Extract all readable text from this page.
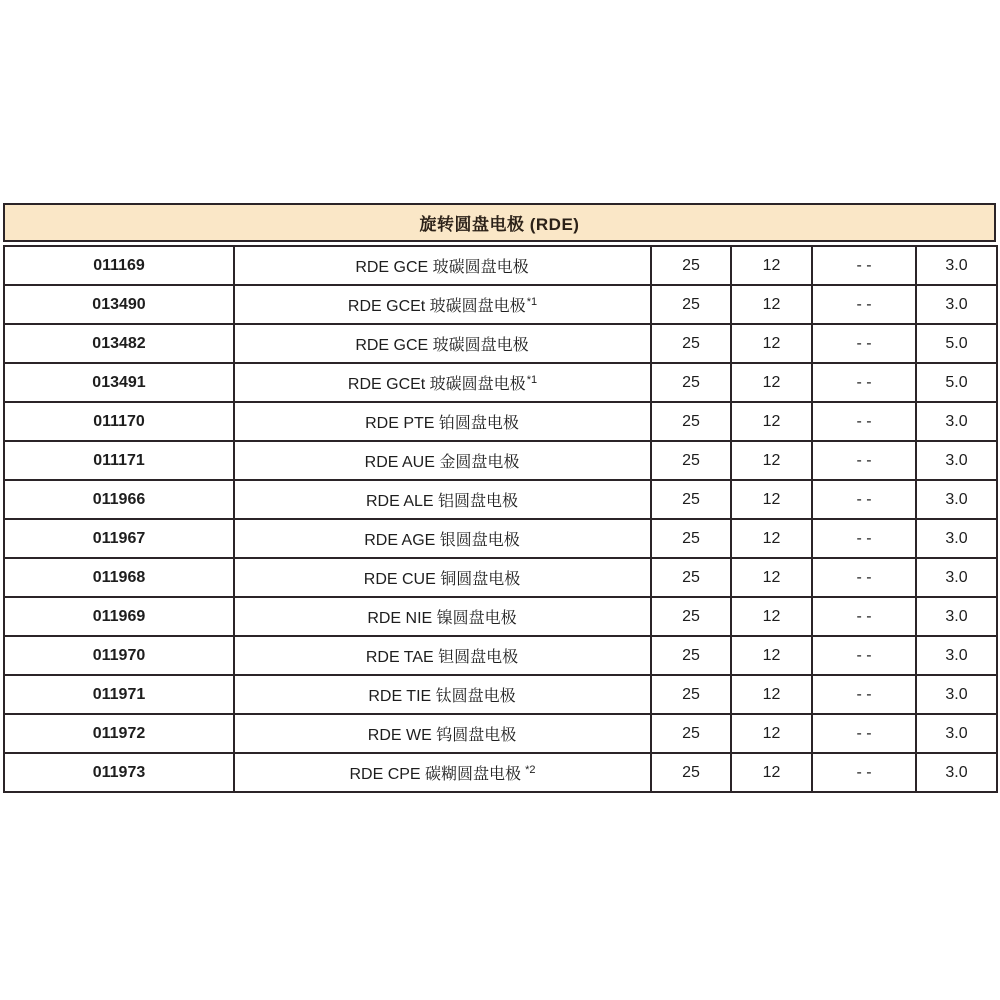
旋转圆盘电极 (RDE)
011169	RDE GCE 玻碳圆盘电极	25	12	- -	3.0
013490	RDE GCEt 玻碳圆盘电极$^{*1}$	25	12	- -	3.0
013482	RDE GCE 玻碳圆盘电极	25	12	- -	5.0
013491	RDE GCEt 玻碳圆盘电极$^{*1}$	25	12	- -	5.0
011170	RDE PTE 铂圆盘电极	25	12	- -	3.0
011171	RDE AUE 金圆盘电极	25	12	- -	3.0
011966	RDE ALE 铝圆盘电极	25	12	- -	3.0
011967	RDE AGE 银圆盘电极	25	12	- -	3.0
011968	RDE CUE 铜圆盘电极	25	12	- -	3.0
011969	RDE NIE 镍圆盘电极	25	12	- -	3.0
011970	RDE TAE 钽圆盘电极	25	12	- -	3.0
011971	RDE TIE 钛圆盘电极	25	12	- -	3.0
011972	RDE WE 钨圆盘电极	25	12	- -	3.0
011973	RDE CPE 碳糊圆盘电极 $^{*2}$	25	12	- -	3.0
